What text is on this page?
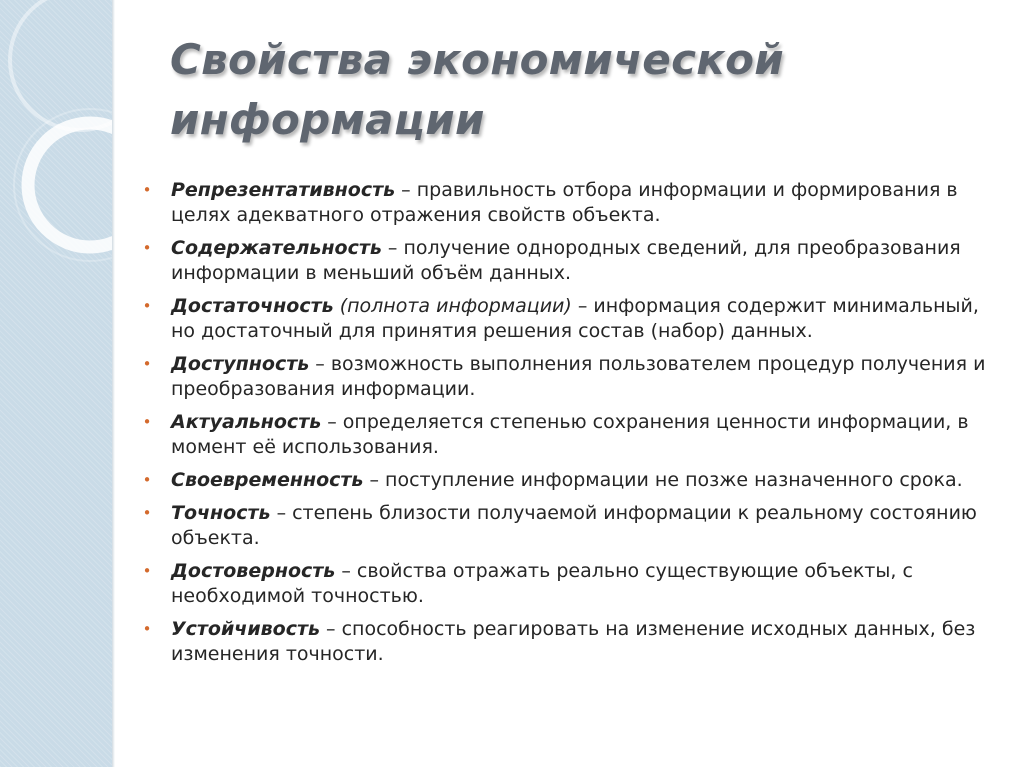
Свойства экономической информации
• Репрезентативность – правильность отбора информации и формирования в целях адекватного отражения свойств объекта.
• Содержательность – получение однородных сведений, для преобразования информации в меньший объём данных.
• Достаточность (полнота информации) – информация содержит минимальный, но достаточный для принятия решения состав (набор) данных.
• Доступность – возможность выполнения пользователем процедур получения и преобразования информации.
• Актуальность – определяется степенью сохранения ценности информации, в момент её использования.
• Своевременность – поступление информации не позже назначенного срока.
• Точность – степень близости получаемой информации к реальному состоянию объекта.
• Достоверность – свойства отражать реально существующие объекты, с необходимой точностью.
• Устойчивость – способность реагировать на изменение исходных данных, без изменения точности.
